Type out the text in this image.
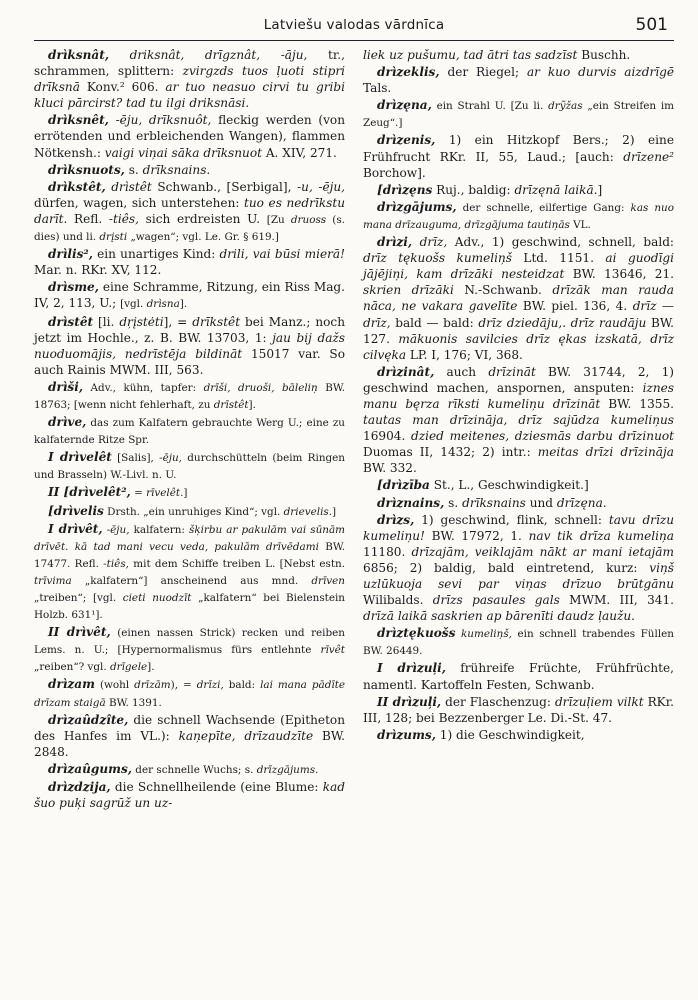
Latviešu valodas vārdnīca	501

drìksnât, driksnât, drīgznât, -āju, tr., schrammen, splittern: zvirgzds tuos ļuoti stipri drīksnā Konv.² 606. ar tuo neasuo cirvi tu gribi kluci pārcirst? tad tu ilgi driksnāsi.

drìksnêt, -ēju, drīksnuôt, fleckig werden (von errötenden und erbleichenden Wangen), flammen Nötkensh.: vaigi viņai sāka drīksnuot A. XIV, 271.

drìksnuots, s. drīksnains.

drìkstêt, drìstêt Schwanb., [Serbigal], -u, -ēju, dürfen, wagen, sich unterstehen: tuo es nedrīkstu darīt. Refl. -tiês, sich erdreisten U. [Zu druoss (s. dies) und li. drįsti „wagen“; vgl. Le. Gr. § 619.]

drìlis², ein unartiges Kind: drili, vai būsi mierā! Mar. n. RKr. XV, 112.

drìsme, eine Schramme, Ritzung, ein Riss Mag. IV, 2, 113, U.; [vgl. drìsna].

drìstêt [li. dŗįstėti], = drīkstêt bei Manz.; noch jetzt im Hochle., z. B. BW. 13703, 1: jau bij dažs nuoduomājis, nedrīstēja bildināt 15017 var. So auch Rainis MWM. III, 563.

drìši, Adv., kühn, tapfer: drīši, druoši, bāleliņ BW. 18763; [wenn nicht fehlerhaft, zu drīstêt].

drìve, das zum Kalfatern gebrauchte Werg U.; eine zu kalfaternde Ritze Spr.

I drìvelêt [Salis], -ēju, durchschütteln (beim Ringen und Brasseln) W.-Livl. n. U.

II [drìvelêt², = rīvelêt.]

[drìvelis Drsth. „ein unruhiges Kind“; vgl. drievelis.]

I drìvêt, -ēju, kalfatern: šķirbu ar pakulām vai sūnām drīvēt. kā tad mani vecu veda, pakulām drīvēdami BW. 17477. Refl. -tiês, mit dem Schiffe treiben L. [Nebst estn. trīvima „kalfatern“] anscheinend aus mnd. drīven „treiben“; [vgl. cieti nuodzīt „kalfatern“ bei Bielenstein Holzb. 631¹].

II drìvêt, (einen nassen Strick) recken und reiben Lems. n. U.; [Hypernormalismus fürs entlehnte rīvêt „reiben“? vgl. drīgele].

drìzam (wohl drīzām), = drīzi, bald: lai mana pādīte drīzam staigā BW. 1391.

drìzaûdzîte, die schnell Wachsende (Epitheton des Hanfes im VL.): kaņepīte, drīzaudzīte BW. 2848.

drìzaûgums, der schnelle Wuchs; s. drīzgājums.

drìzdzija, die Schnellheilende (eine Blume: kad šuo puķi sagrūž un uz-

liek uz pušumu, tad ātri tas sadzīst Buschh.

drìzeklis, der Riegel; ar kuo durvis aizdrīgē Tals.

drìzęna, ein Strahl U. [Zu li. drỹžas „ein Streifen im Zeug“.]

drìzenis, 1) ein Hitzkopf Bers.; 2) eine Frühfrucht RKr. II, 55, Laud.; [auch: drīzene² Borchow].

[drìzęns Ruj., baldig: drīzęnā laikā.]

drìzgājums, der schnelle, eilfertige Gang: kas nuo mana drīzauguma, drīzgājuma tautiņās VL.

drìzi, drīz, Adv., 1) geschwind, schnell, bald: drīz tękuošs kumeliņš Ltd. 1151. ai guodīgi jājējiņi, kam drīzāki nesteidzat BW. 13646, 21. skrien drīzāki N.-Schwanb. drīzāk man rauda nāca, ne vakara gavelīte BW. piel. 136, 4. drīz — drīz, bald — bald: drīz dziedāju,. drīz raudāju BW. 127. mākuonis savilcies drīz ękas izskatā, drīz cilvęka LP. I, 176; VI, 368.

drìzinât, auch drīzināt BW. 31744, 2, 1) geschwind machen, anspornen, ansputen: iznes manu bęrza rīksti kumeliņu drīzināt BW. 1355. tautas man drīzināja, drīz sajūdza kumeliņus 16904. dzied meitenes, dziesmās darbu drīzinuot Duomas II, 1432; 2) intr.: meitas drīzi drīzināja BW. 332.

[drìzība St., L., Geschwindigkeit.]

drìznains, s. drīksnains und drīzęna.

drìzs, 1) geschwind, flink, schnell: tavu drīzu kumeliņu! BW. 17972, 1. nav tik drīza kumeliņa 11180. drīzajām, veiklajām nākt ar mani ietajām 6856; 2) baldig, bald eintretend, kurz: viņš uzlūkuoja sevi par viņas drīzuo brūtgānu Wilibalds. drīzs pasaules gals MWM. III, 341. drīzā laikā saskrien ap bārenīti daudz ļaužu.

drìztękuošs kumeliņš, ein schnell trabendes Füllen BW. 26449.

I drìzuļi, frühreife Früchte, Frühfrüchte, namentl. Kartoffeln Festen, Schwanb.

II drìzuļi, der Flaschenzug: drīzuļiem vilkt RKr. III, 128; bei Bezzenberger Le. Di.-St. 47.

drìzums, 1) die Geschwindigkeit,
